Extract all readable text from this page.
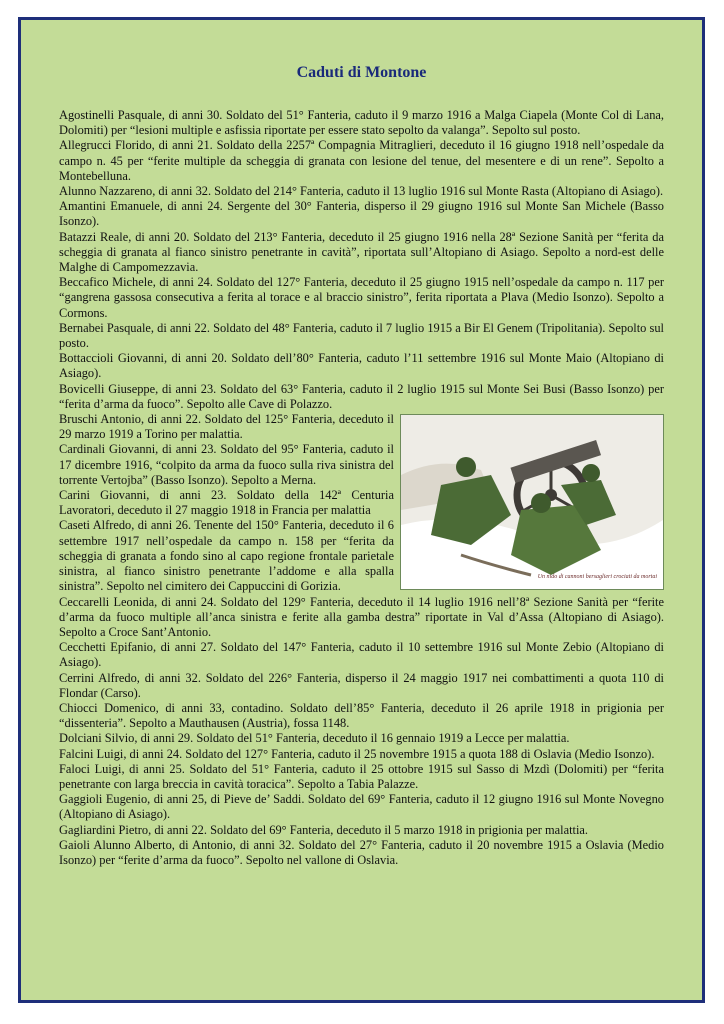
Caduti di Montone

Agostinelli Pasquale, di anni 30. Soldato del 51° Fanteria, caduto il 9 marzo 1916 a Malga Ciapela (Monte Col di Lana, Dolomiti) per “lesioni multiple e asfissia riportate per essere stato sepolto da valanga”. Sepolto sul posto.

Allegrucci Florido, di anni 21. Soldato della 2257ª Compagnia Mitraglieri, deceduto il 16 giugno 1918 nell’ospedale da campo n. 45 per “ferite multiple da scheggia di granata con lesione del tenue, del mesentere e di un rene”. Sepolto a Montebelluna.

Alunno Nazzareno, di anni 32. Soldato del 214° Fanteria, caduto il 13 luglio 1916 sul Monte Rasta (Altopiano di Asiago).

Amantini Emanuele, di anni 24. Sergente del 30° Fanteria, disperso il 29 giugno 1916 sul Monte San Michele (Basso Isonzo).

Batazzi Reale, di anni 20. Soldato del 213° Fanteria, deceduto il 25 giugno 1916 nella 28ª Sezione Sanità per “ferita da scheggia di granata al fianco sinistro penetrante in cavità”, riportata sull’Altopiano di Asiago. Sepolto a nord-est delle Malghe di Campomezzavia.

Beccafico Michele, di anni 24. Soldato del 127° Fanteria, deceduto il 25 giugno 1915 nell’ospedale da campo n. 117 per “gangrena gassosa consecutiva a ferita al torace e al braccio sinistro”, ferita riportata a Plava (Medio Isonzo). Sepolto a Cormons.

Bernabei Pasquale, di anni 22. Soldato del 48° Fanteria, caduto il 7 luglio 1915 a Bir El Genem (Tripolitania). Sepolto sul posto.

Bottaccioli Giovanni, di anni 20. Soldato dell’80° Fanteria, caduto l’11 settembre 1916 sul Monte Maio (Altopiano di Asiago).

Bovicelli Giuseppe, di anni 23. Soldato del 63° Fanteria, caduto il 2 luglio 1915 sul Monte Sei Busi (Basso Isonzo) per “ferita d’arma da fuoco”. Sepolto alle Cave di Polazzo.

Un nido di cannoni bersaglieri crociati da mortai

Bruschi Antonio, di anni 22. Soldato del 125° Fanteria, deceduto il 29 marzo 1919 a Torino per malattia.

Cardinali Giovanni, di anni 23. Soldato del 95° Fanteria, caduto il 17 dicembre 1916, “colpito da arma da fuoco sulla riva sinistra del torrente Vertojba” (Basso Isonzo). Sepolto a Merna.

Carini Giovanni, di anni 23. Soldato della 142ª Centuria Lavoratori, deceduto il 27 maggio 1918 in Francia per malattia

Caseti Alfredo, di anni 26. Tenente del 150° Fanteria, deceduto il 6 settembre 1917 nell’ospedale da campo n. 158 per “ferita da scheggia di granata a fondo sino al capo regione frontale parietale sinistra, al fianco sinistro penetrante l’addome e alla spalla sinistra”. Sepolto nel cimitero dei Cappuccini di Gorizia.

Ceccarelli Leonida, di anni 24. Soldato del 129° Fanteria, deceduto il 14 luglio 1916 nell’8ª Sezione Sanità per “ferite d’arma da fuoco multiple all’anca sinistra e ferite alla gamba destra” riportate in Val d’Assa (Altopiano di Asiago). Sepolto a Croce Sant’Antonio.

Cecchetti Epifanio, di anni 27. Soldato del 147° Fanteria, caduto il 10 settembre 1916 sul Monte Zebio (Altopiano di Asiago).

Cerrini Alfredo, di anni 32. Soldato del 226° Fanteria, disperso il 24 maggio 1917 nei combattimenti a quota 110 di Flondar (Carso).

Chiocci Domenico, di anni 33, contadino. Soldato dell’85° Fanteria, deceduto il 26 aprile 1918 in prigionia per “dissenteria”. Sepolto a Mauthausen (Austria), fossa 1148.

Dolciani Silvio, di anni 29. Soldato del 51° Fanteria, deceduto il 16 gennaio 1919 a Lecce per malattia.

Falcini Luigi, di anni 24. Soldato del 127° Fanteria, caduto il 25 novembre 1915 a quota 188 di Oslavia (Medio Isonzo).

Faloci Luigi, di anni 25. Soldato del 51° Fanteria, caduto il 25 ottobre 1915 sul Sasso di Mzdì (Dolomiti) per “ferita penetrante con larga breccia in cavità toracica”. Sepolto a Tabia Palazze.

Gaggioli Eugenio, di anni 25, di Pieve de’ Saddi. Soldato del 69° Fanteria, caduto il 12 giugno 1916 sul Monte Novegno (Altopiano di Asiago).

Gagliardini Pietro, di anni 22. Soldato del 69° Fanteria, deceduto il 5 marzo 1918 in prigionia per malattia.

Gaioli Alunno Alberto, di Antonio, di anni 32. Soldato del 27° Fanteria, caduto il 20 novembre 1915 a Oslavia (Medio Isonzo) per “ferite d’arma da fuoco”. Sepolto nel vallone di Oslavia.
